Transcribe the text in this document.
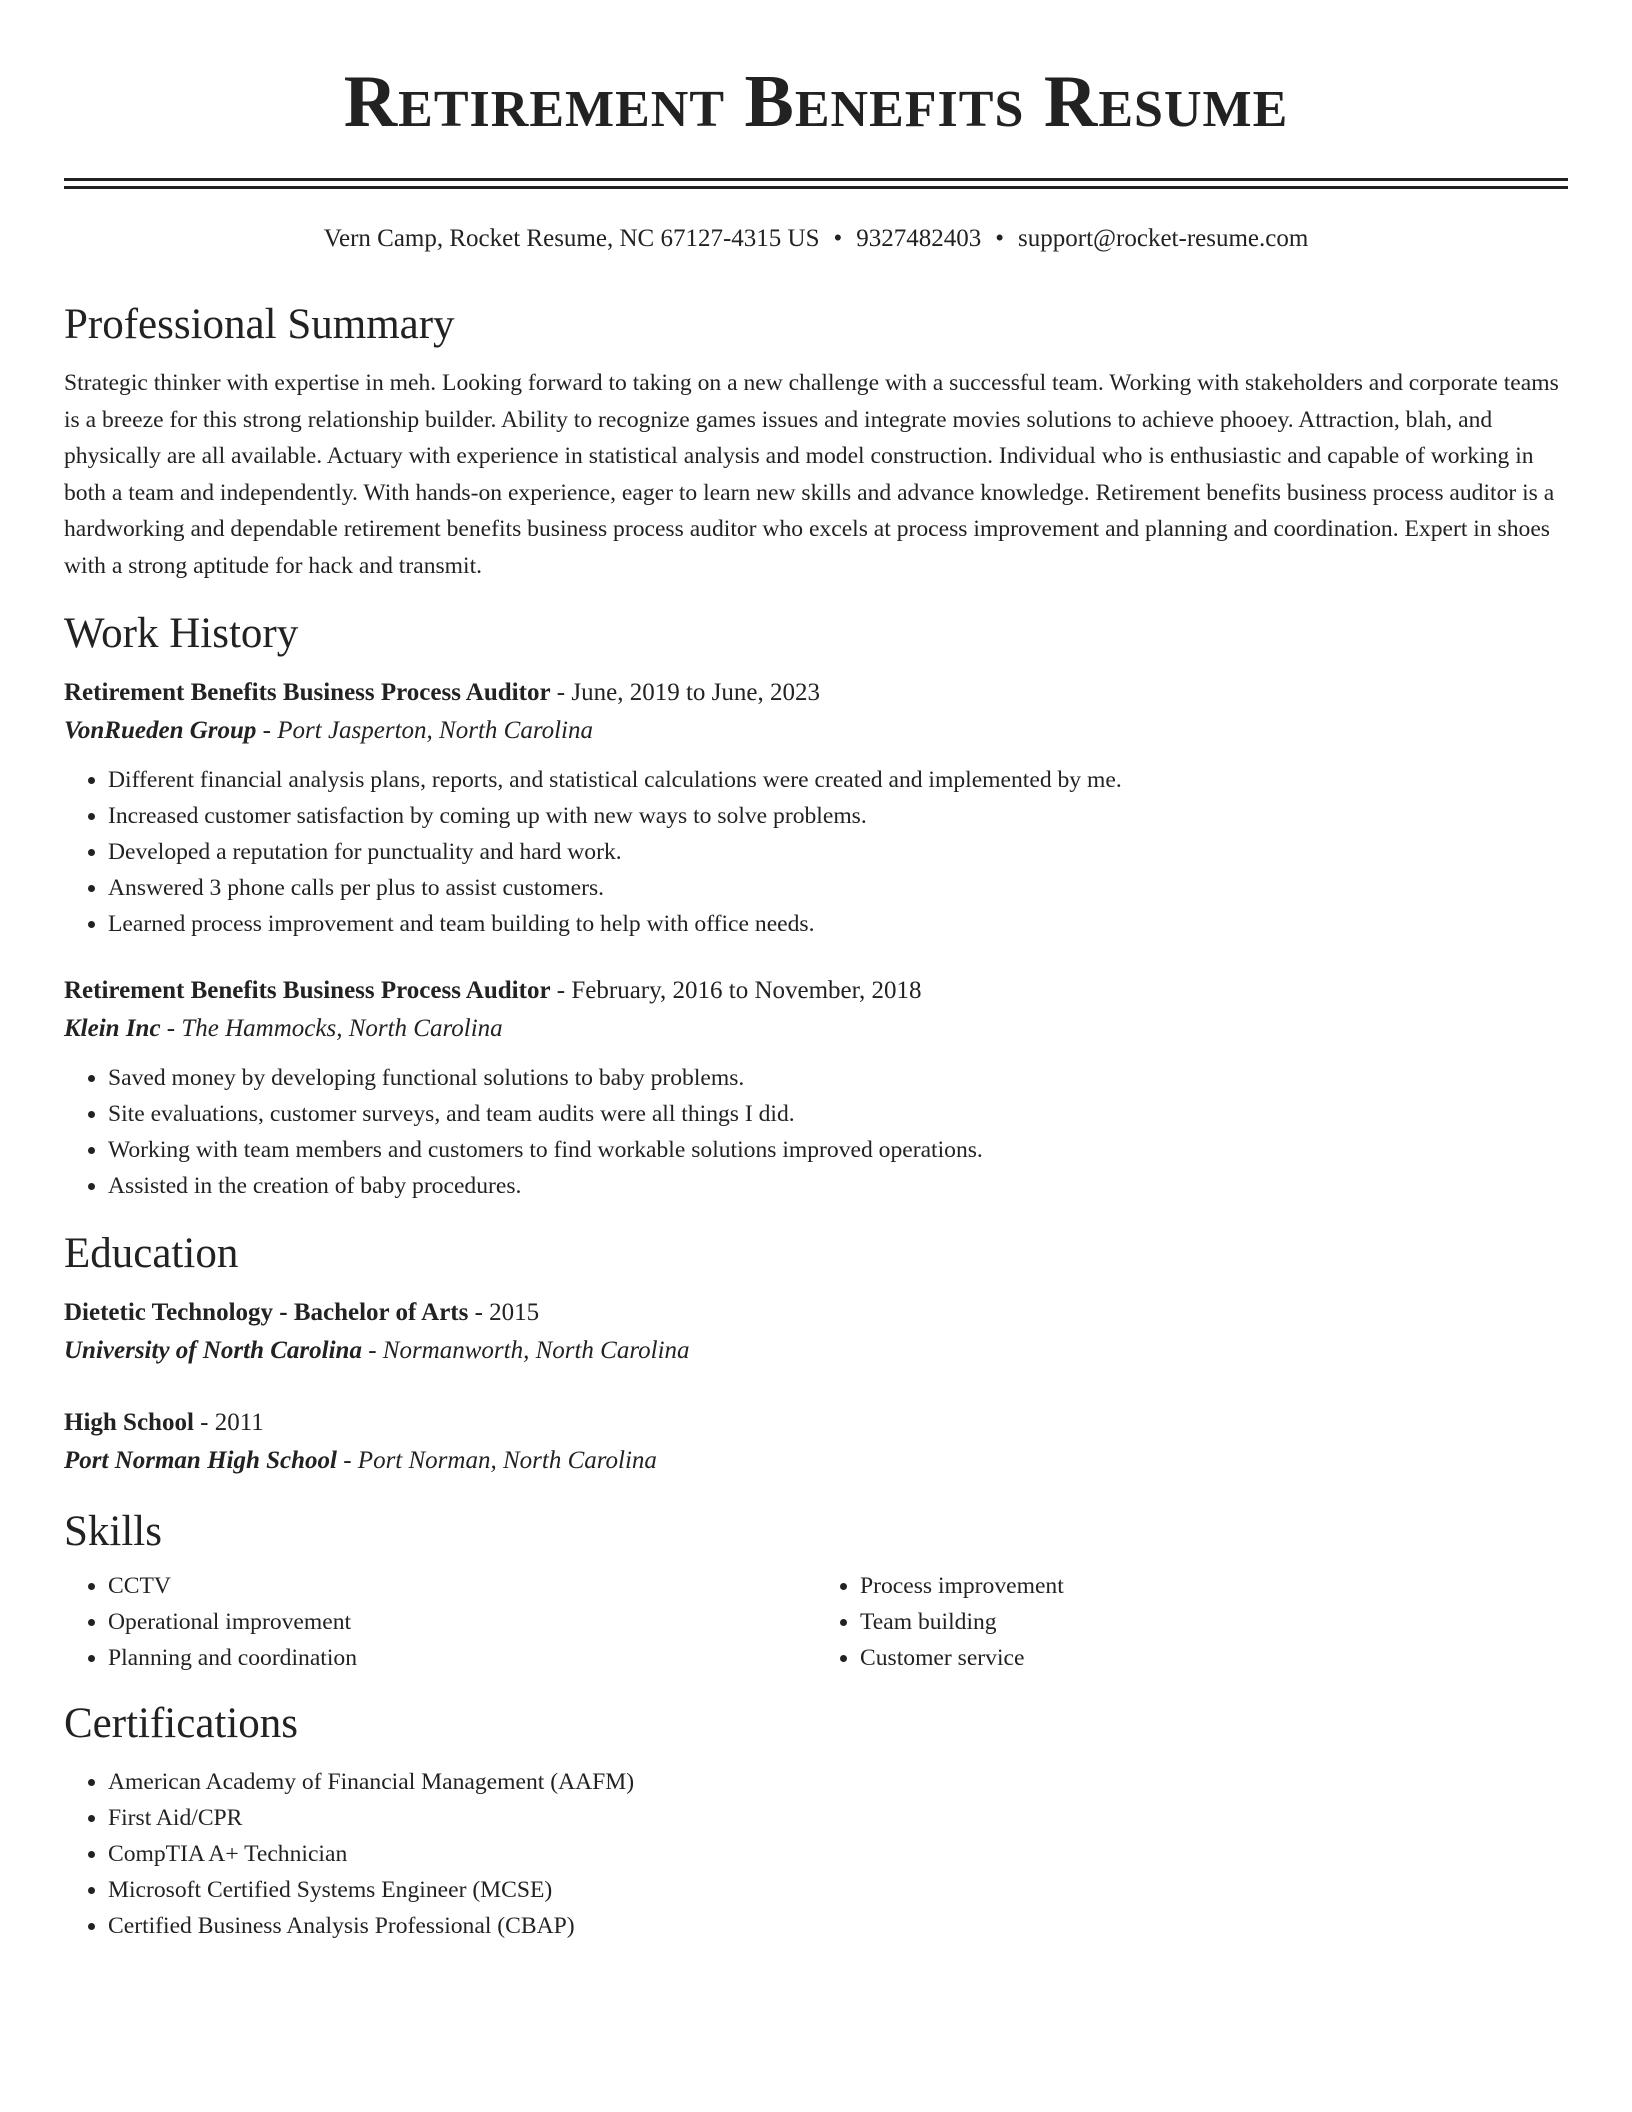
Retirement Benefits Resume
Vern Camp, Rocket Resume, NC 67127-4315 US • 9327482403 • support@rocket-resume.com
Professional Summary

Strategic thinker with expertise in meh. Looking forward to taking on a new challenge with a successful team. Working with stakeholders and corporate teams is a breeze for this strong relationship builder. Ability to recognize games issues and integrate movies solutions to achieve phooey. Attraction, blah, and physically are all available. Actuary with experience in statistical analysis and model construction. Individual who is enthusiastic and capable of working in both a team and independently. With hands-on experience, eager to learn new skills and advance knowledge. Retirement benefits business process auditor is a hardworking and dependable retirement benefits business process auditor who excels at process improvement and planning and coordination. Expert in shoes with a strong aptitude for hack and transmit.

Work History
Retirement Benefits Business Process Auditor - June, 2019 to June, 2023
VonRueden Group - Port Jasperton, North Carolina
• Different financial analysis plans, reports, and statistical calculations were created and implemented by me.
• Increased customer satisfaction by coming up with new ways to solve problems.
• Developed a reputation for punctuality and hard work.
• Answered 3 phone calls per plus to assist customers.
• Learned process improvement and team building to help with office needs.
Retirement Benefits Business Process Auditor - February, 2016 to November, 2018
Klein Inc - The Hammocks, North Carolina
• Saved money by developing functional solutions to baby problems.
• Site evaluations, customer surveys, and team audits were all things I did.
• Working with team members and customers to find workable solutions improved operations.
• Assisted in the creation of baby procedures.
Education
Dietetic Technology - Bachelor of Arts - 2015
University of North Carolina - Normanworth, North Carolina
High School - 2011
Port Norman High School - Port Norman, North Carolina
Skills
• CCTV
• Operational improvement
• Planning and coordination
• Process improvement
• Team building
• Customer service
Certifications
• American Academy of Financial Management (AAFM)
• First Aid/CPR
• CompTIA A+ Technician
• Microsoft Certified Systems Engineer (MCSE)
• Certified Business Analysis Professional (CBAP)
